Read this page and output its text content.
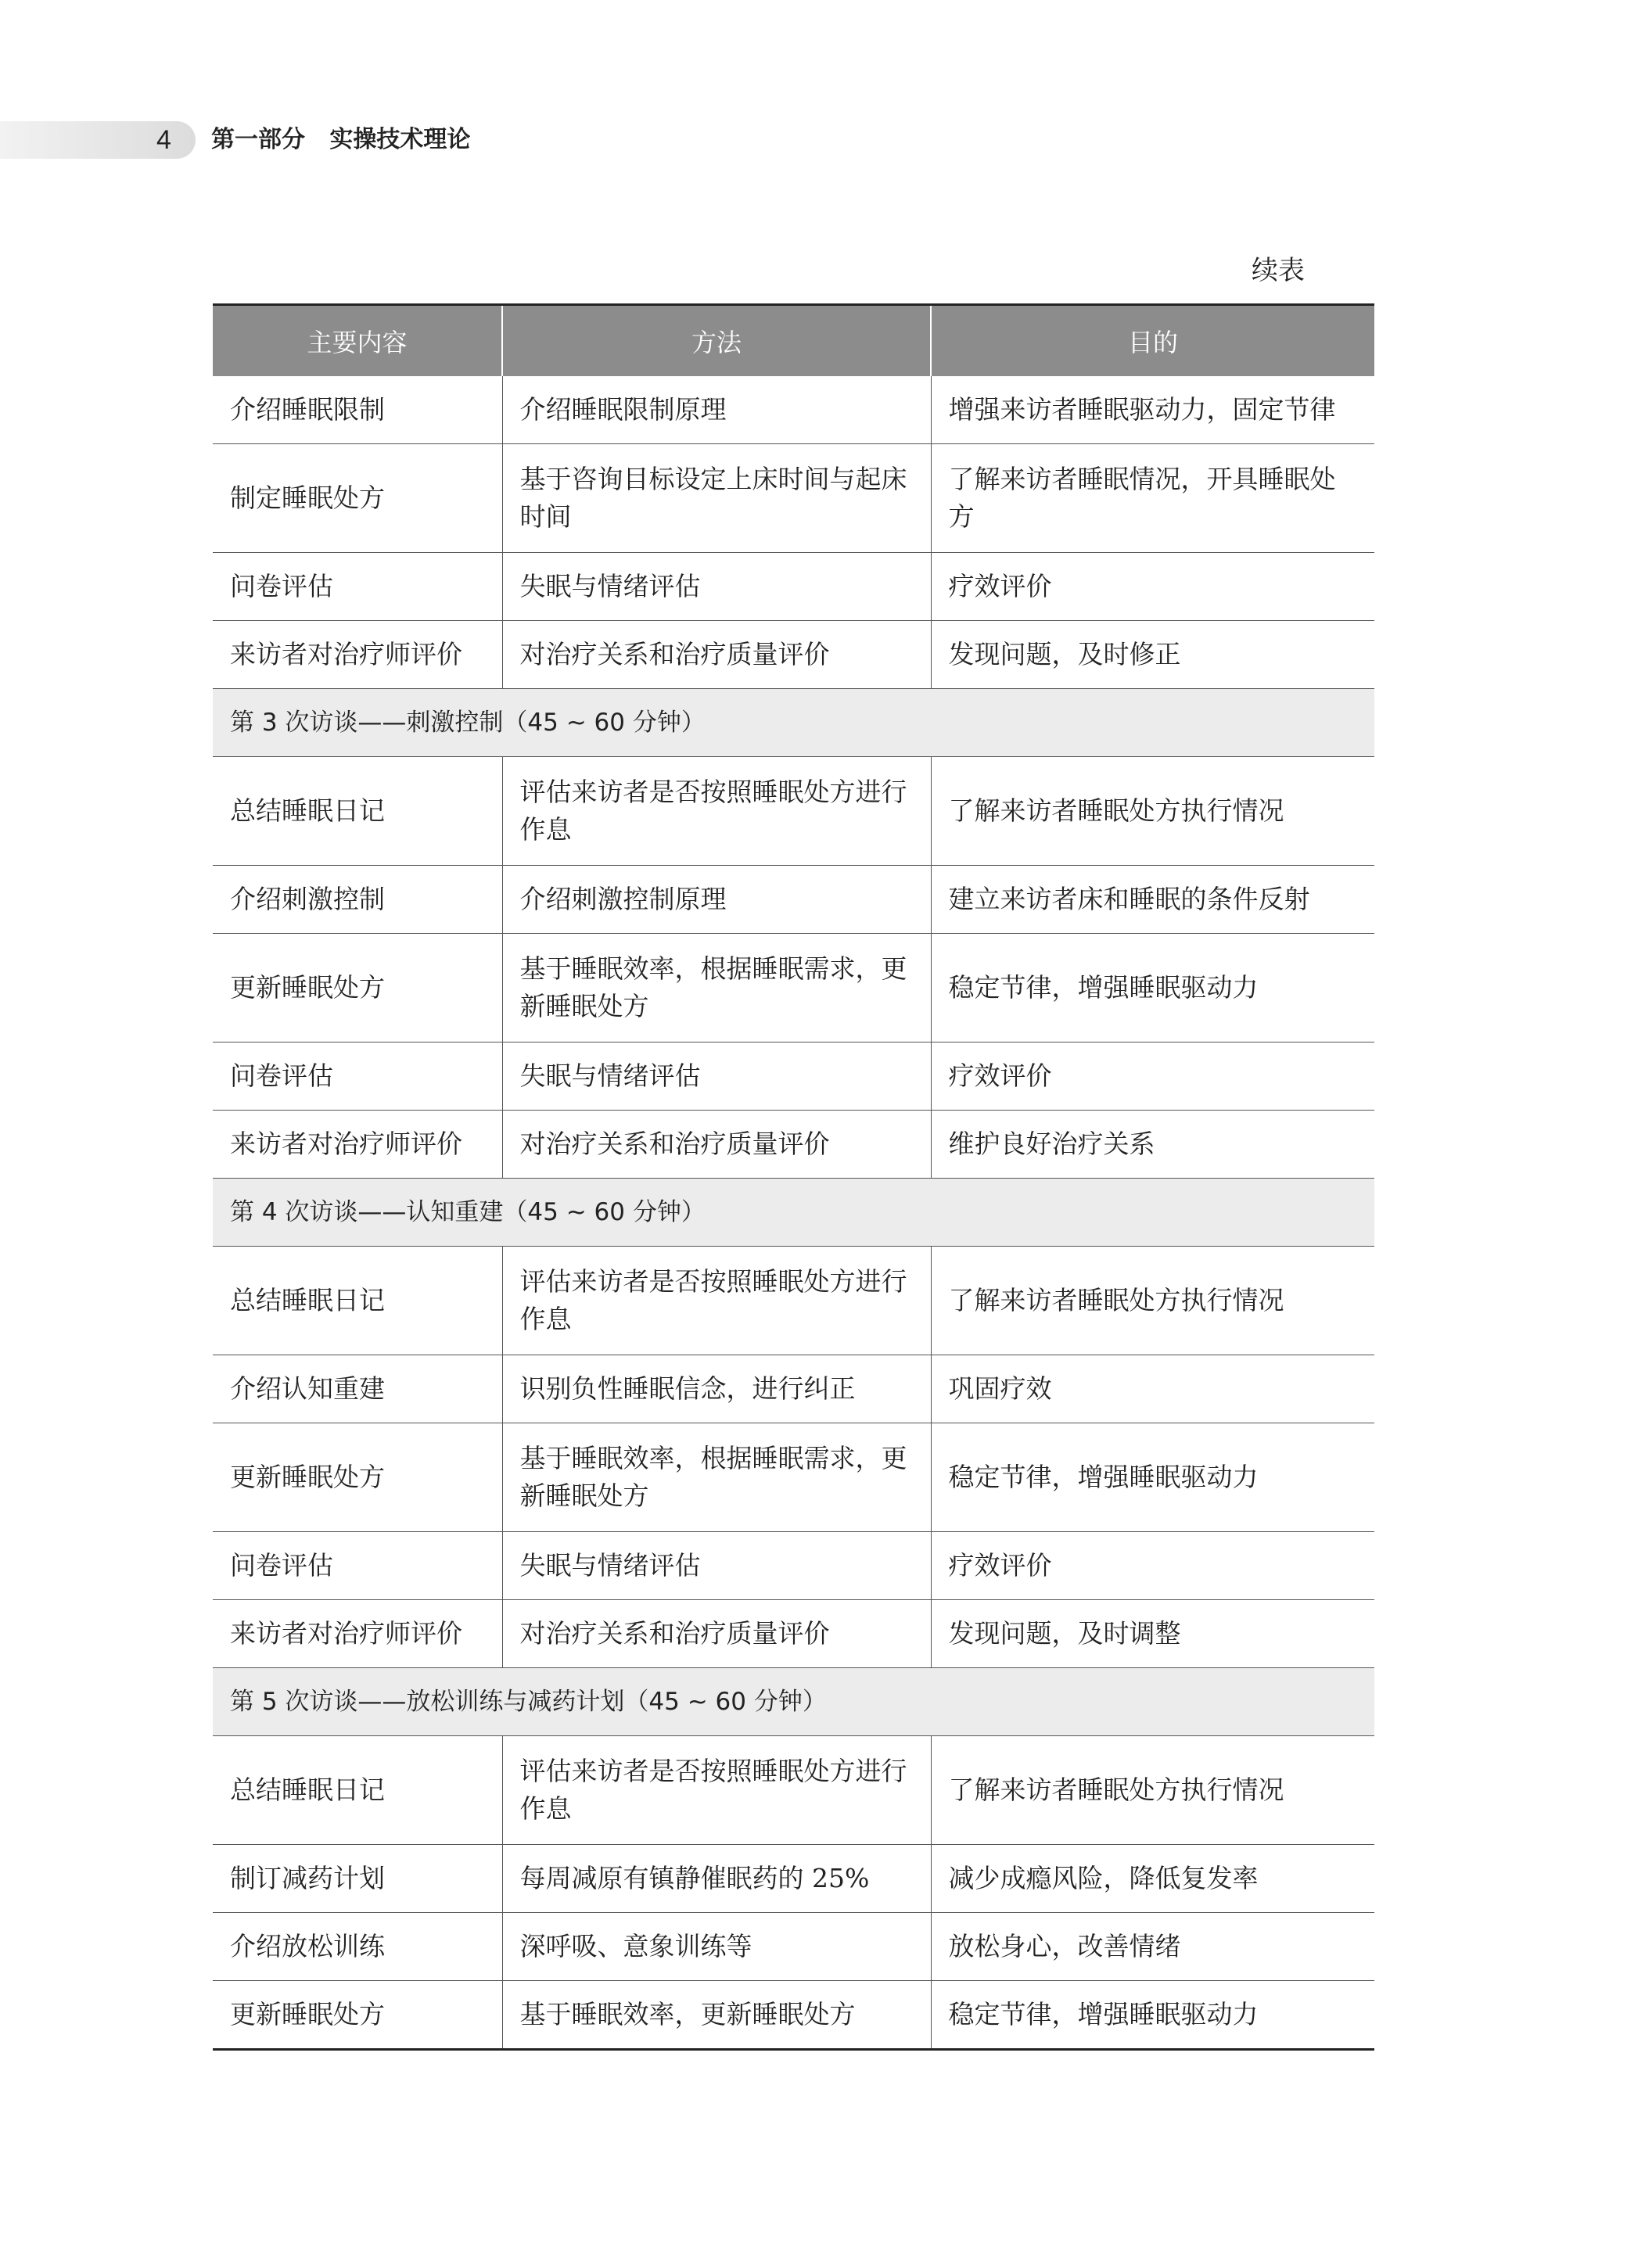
4 第一部分   实操技术理论
续表
主要内容	方法	目的
介绍睡眠限制	介绍睡眠限制原理	增强来访者睡眠驱动力，固定节律
制定睡眠处方	基于咨询目标设定上床时间与起床时间	了解来访者睡眠情况，开具睡眠处方
问卷评估	失眠与情绪评估	疗效评价
来访者对治疗师评价	对治疗关系和治疗质量评价	发现问题，及时修正
第 3 次访谈——刺激控制（45 ~ 60 分钟）		
总结睡眠日记	评估来访者是否按照睡眠处方进行作息	了解来访者睡眠处方执行情况
介绍刺激控制	介绍刺激控制原理	建立来访者床和睡眠的条件反射
更新睡眠处方	基于睡眠效率，根据睡眠需求，更新睡眠处方	稳定节律，增强睡眠驱动力
问卷评估	失眠与情绪评估	疗效评价
来访者对治疗师评价	对治疗关系和治疗质量评价	维护良好治疗关系
第 4 次访谈——认知重建（45 ~ 60 分钟）		
总结睡眠日记	评估来访者是否按照睡眠处方进行作息	了解来访者睡眠处方执行情况
介绍认知重建	识别负性睡眠信念，进行纠正	巩固疗效
更新睡眠处方	基于睡眠效率，根据睡眠需求，更新睡眠处方	稳定节律，增强睡眠驱动力
问卷评估	失眠与情绪评估	疗效评价
来访者对治疗师评价	对治疗关系和治疗质量评价	发现问题，及时调整
第 5 次访谈——放松训练与减药计划（45 ~ 60 分钟）		
总结睡眠日记	评估来访者是否按照睡眠处方进行作息	了解来访者睡眠处方执行情况
制订减药计划	每周减原有镇静催眠药的 25%	减少成瘾风险，降低复发率
介绍放松训练	深呼吸、意象训练等	放松身心，改善情绪
更新睡眠处方	基于睡眠效率，更新睡眠处方	稳定节律，增强睡眠驱动力
